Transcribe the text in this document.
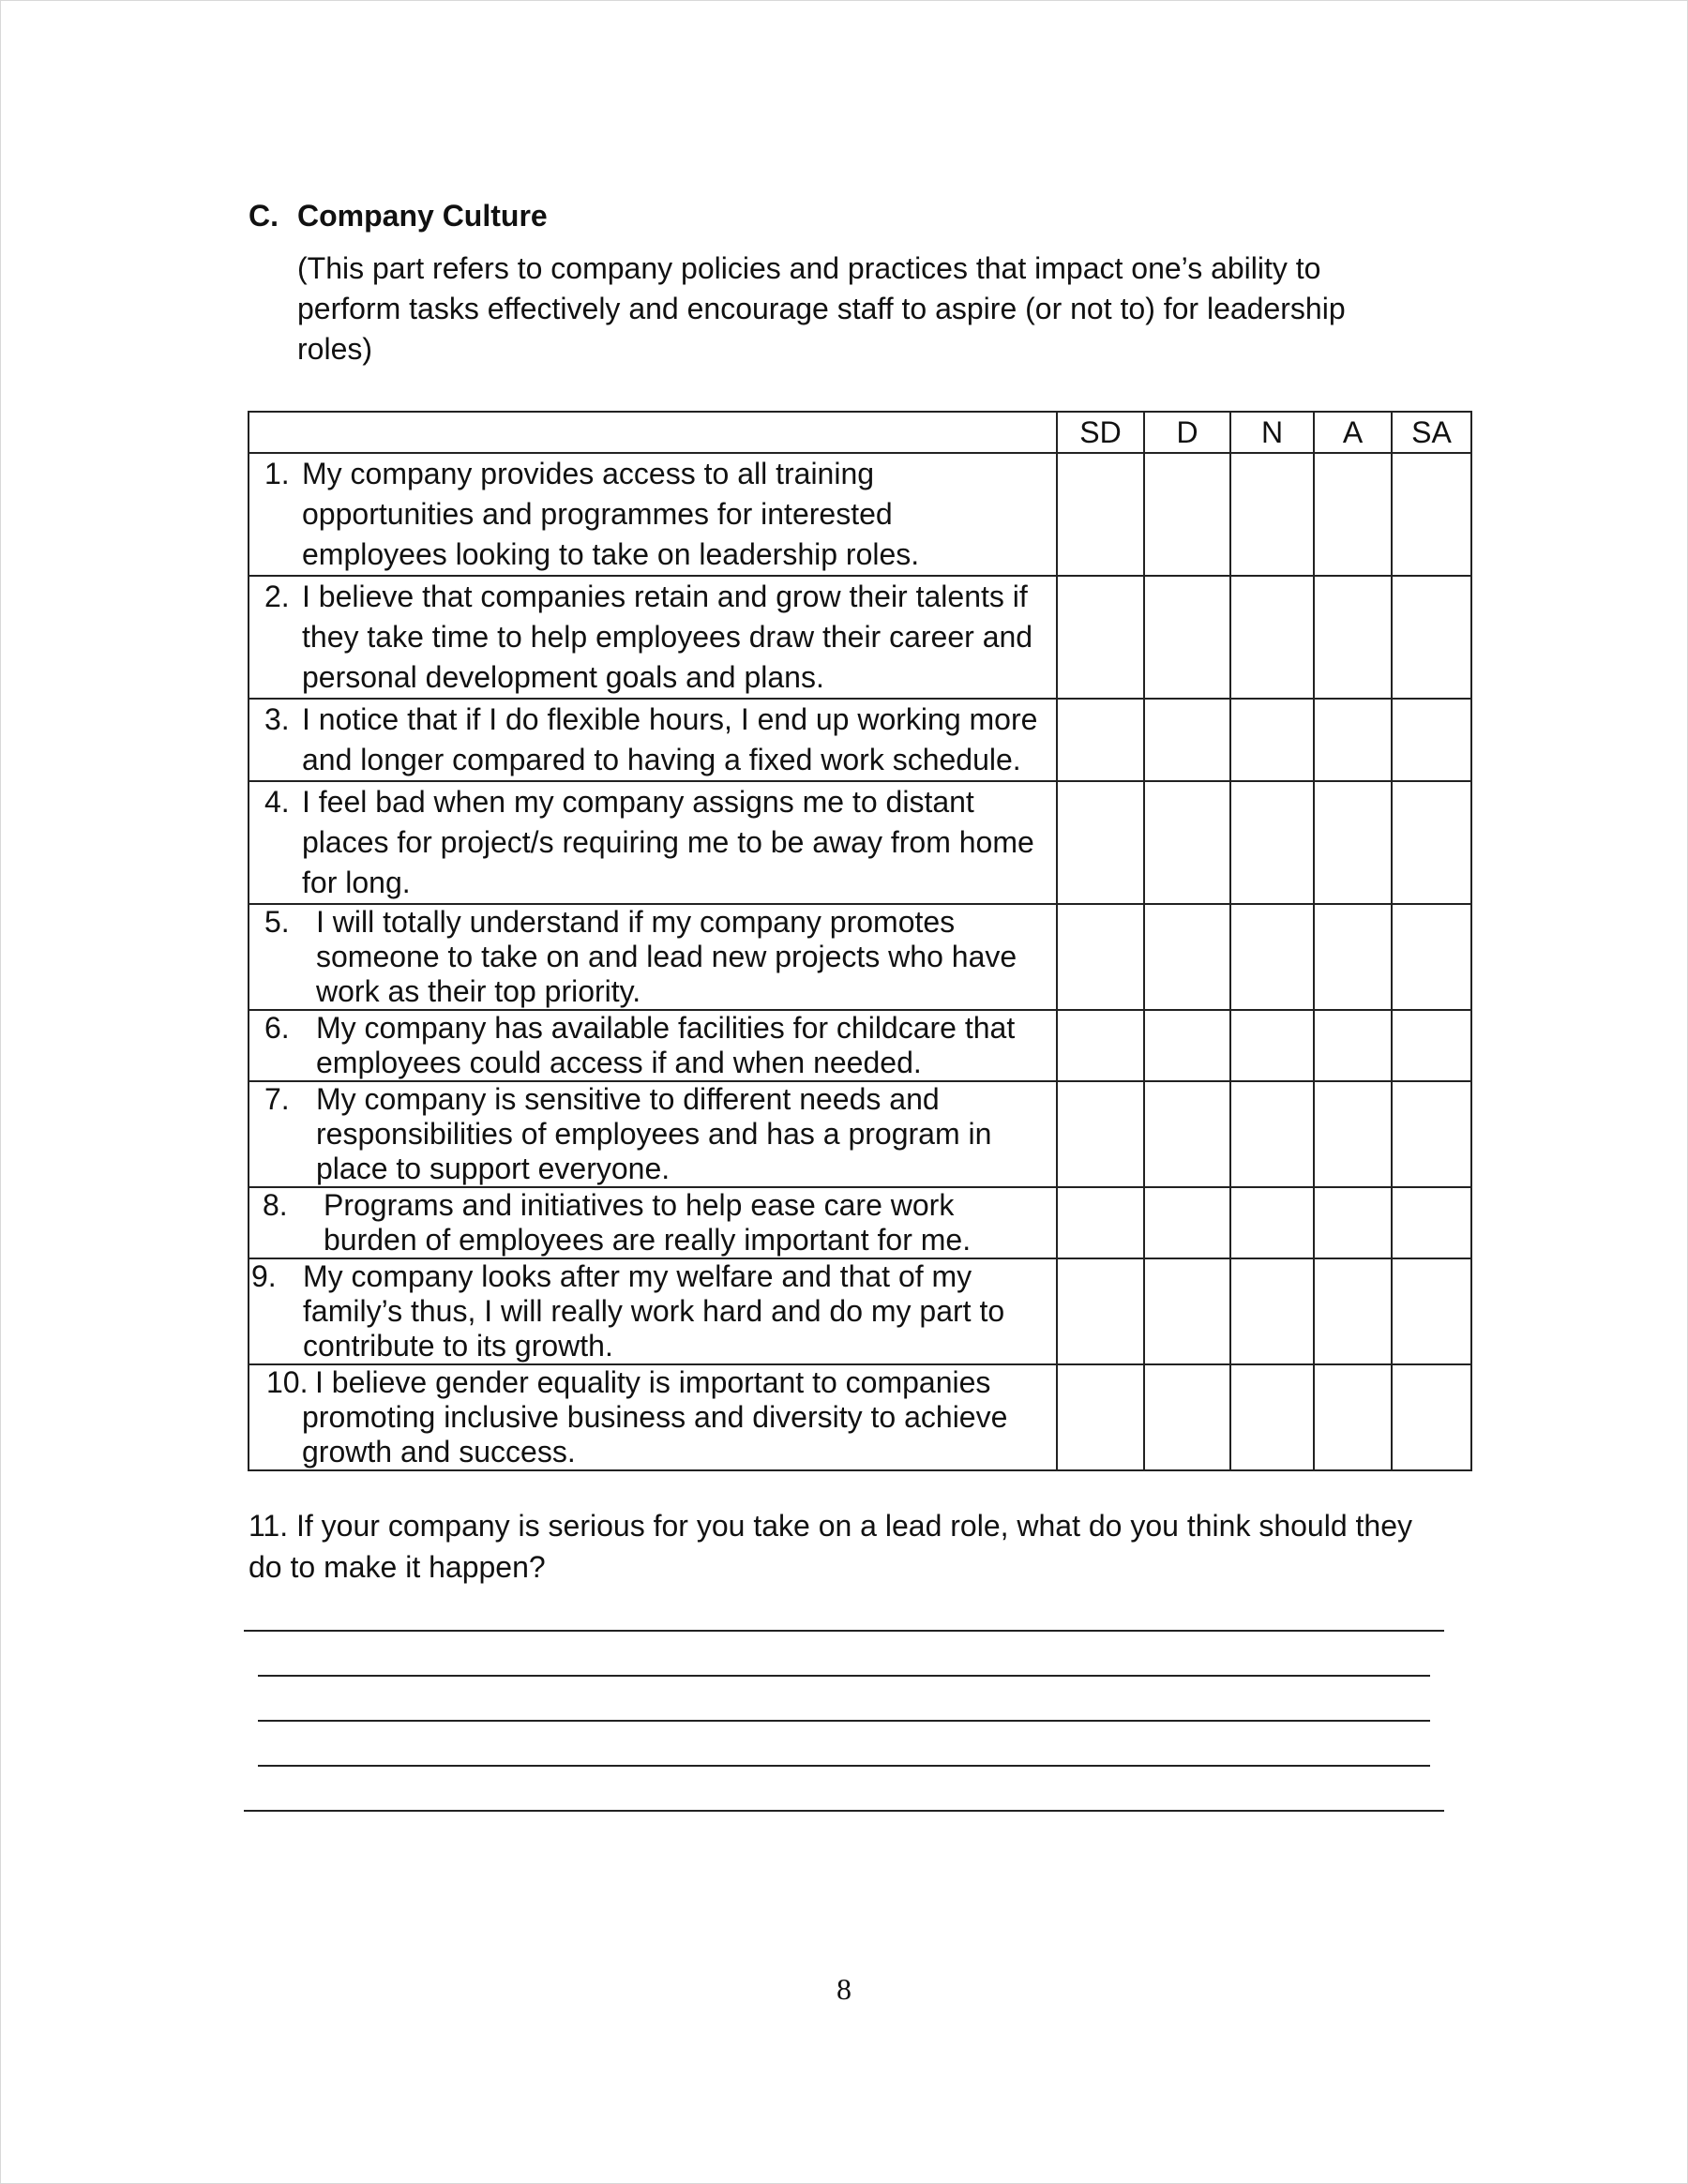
C. Company Culture
(This part refers to company policies and practices that impact one’s ability to
perform tasks effectively and encourage staff to aspire (or not to) for leadership
roles)
	SD	D	N	A	SA

1. My company provides access to all training
opportunities and programmes for interested
employees looking to take on leadership roles.					

2. I believe that companies retain and grow their talents if
they take time to help employees draw their career and
personal development goals and plans.					

3. I notice that if I do flexible hours, I end up working more
and longer compared to having a fixed work schedule.					

4. I feel bad when my company assigns me to distant
places for project/s requiring me to be away from home
for long.					

5. I will totally understand if my company promotes
someone to take on and lead new projects who have
work as their top priority.					

6. My company has available facilities for childcare that
employees could access if and when needed.					

7. My company is sensitive to different needs and
responsibilities of employees and has a program in
place to support everyone.					

8. Programs and initiatives to help ease care work
burden of employees are really important for me.					

9. My company looks after my welfare and that of my
family’s thus, I will really work hard and do my part to
contribute to its growth.					

10. I believe gender equality is important to companies
promoting inclusive business and diversity to achieve
growth and success.					

11. If your company is serious for you take on a lead role, what do you think should they
do to make it happen?
8
